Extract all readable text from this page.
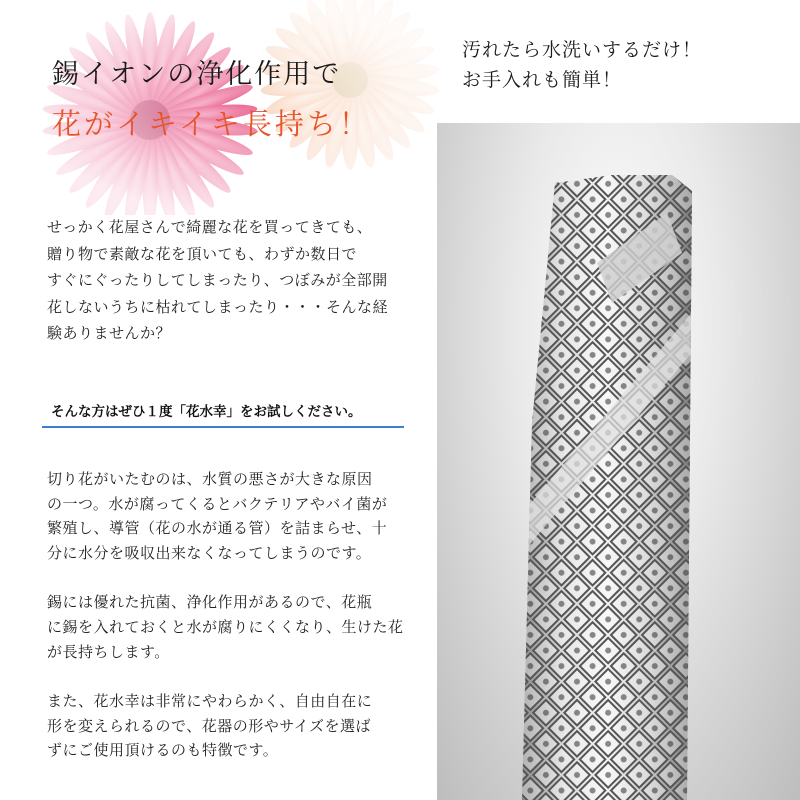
錫イオンの浄化作用で
花がイキイキ長持ち！
せっかく花屋さんで綺麗な花を買ってきても、
贈り物で素敵な花を頂いても、わずか数日で
すぐにぐったりしてしまったり、つぼみが全部開
花しないうちに枯れてしまったり・・・そんな経
験ありませんか？
そんな方はぜひ１度「花水幸」をお試しください。
切り花がいたむのは、水質の悪さが大きな原因
の一つ。水が腐ってくるとバクテリアやバイ菌が
繁殖し、導管（花の水が通る管）を詰まらせ、十
分に水分を吸収出来なくなってしまうのです。
錫には優れた抗菌、浄化作用があるので、花瓶
に錫を入れておくと水が腐りにくくなり、生けた花
が長持ちします。
また、花水幸は非常にやわらかく、自由自在に
形を変えられるので、花器の形やサイズを選ば
ずにご使用頂けるのも特徴です。
汚れたら水洗いするだけ！
お手入れも簡単！
